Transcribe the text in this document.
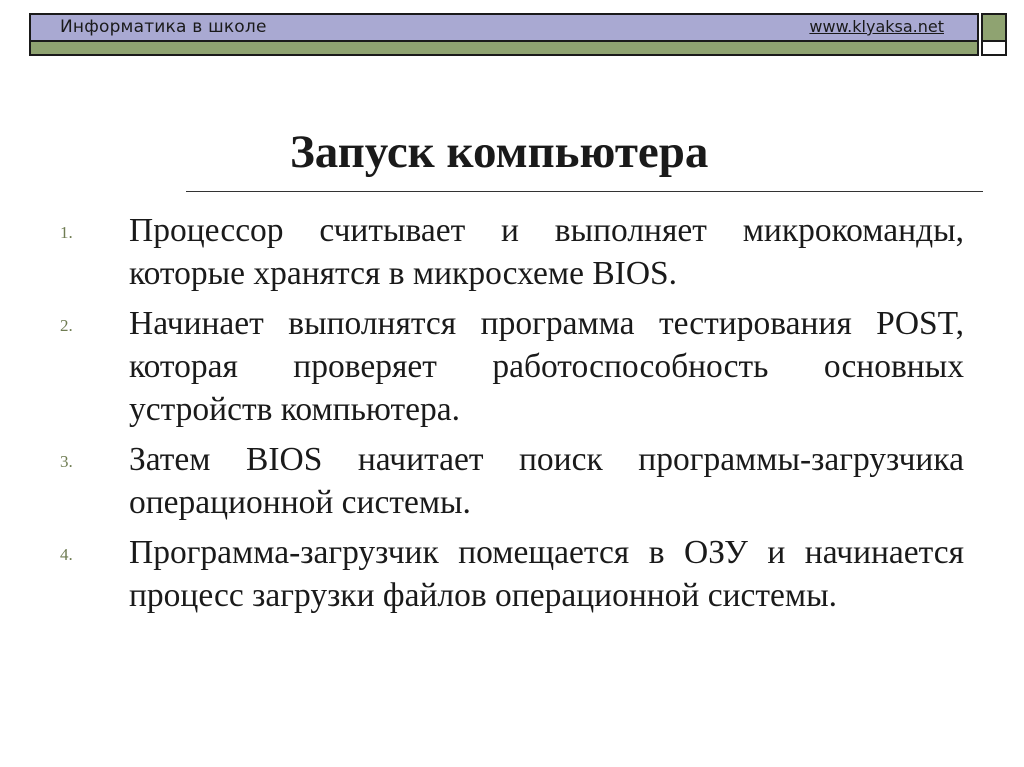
Информатика в школе	www.klyaksa.net
Запуск компьютера
1. Процессор считывает и выполняет микрокоманды, которые хранятся в микросхеме BIOS.
2. Начинает выполнятся программа тестирования POST, которая проверяет работоспособность основных устройств компьютера.
3. Затем BIOS начитает поиск программы-загрузчика операционной системы.
4. Программа-загрузчик помещается в ОЗУ и начинается процесс загрузки файлов операционной системы.
